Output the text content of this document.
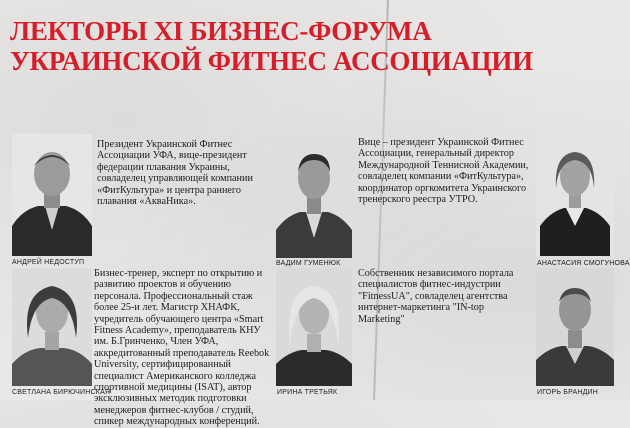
ЛЕКТОРЫ XI БИЗНЕС-ФОРУМА
УКРАИНСКОЙ ФИТНЕС АССОЦИАЦИИ
АНДРЕЙ НЕДОСТУП
Президент Украинской Фитнес Ассоциации УФА, вице-президент федерации плавания Украины, совладелец управляющей компании «ФитКультура» и центра раннего плавания «АкваНика».
ВАДИМ ГУМЕНЮК
Вице – президент Украинской Фитнес Ассоциации, генеральный директор Международной Теннисной Академии, совладелец компании «ФитКультура», координатор оргкомитета Украинского тренерского реестра УТРО.
АНАСТАСИЯ СМОГУНОВА
СВЕТЛАНА БИРЮЧИНСКАЯ
Бизнес-тренер, эксперт по открытию и развитию проектов и обучению персонала. Профессиональный стаж более 25-и лет. Магистр ХНАФК, учредитель обучающего центра «Smart Fitness Academy», преподаватель КНУ им. Б.Гринченко, Член УФА, аккредитованный преподаватель Reebok University, сертифицированный специалист Американского колледжа спортивной медицины (ISAT), автор эксклюзивных методик подготовки менеджеров фитнес-клубов / студий, спикер международных конференций.
ИРИНА ТРЕТЬЯК
Собственник независимого портала специалистов фитнес-индустрии "FitnessUA", совладелец агентства интернет-маркетинга "IN-top Marketing"
ИГОРЬ БРАНДИН
